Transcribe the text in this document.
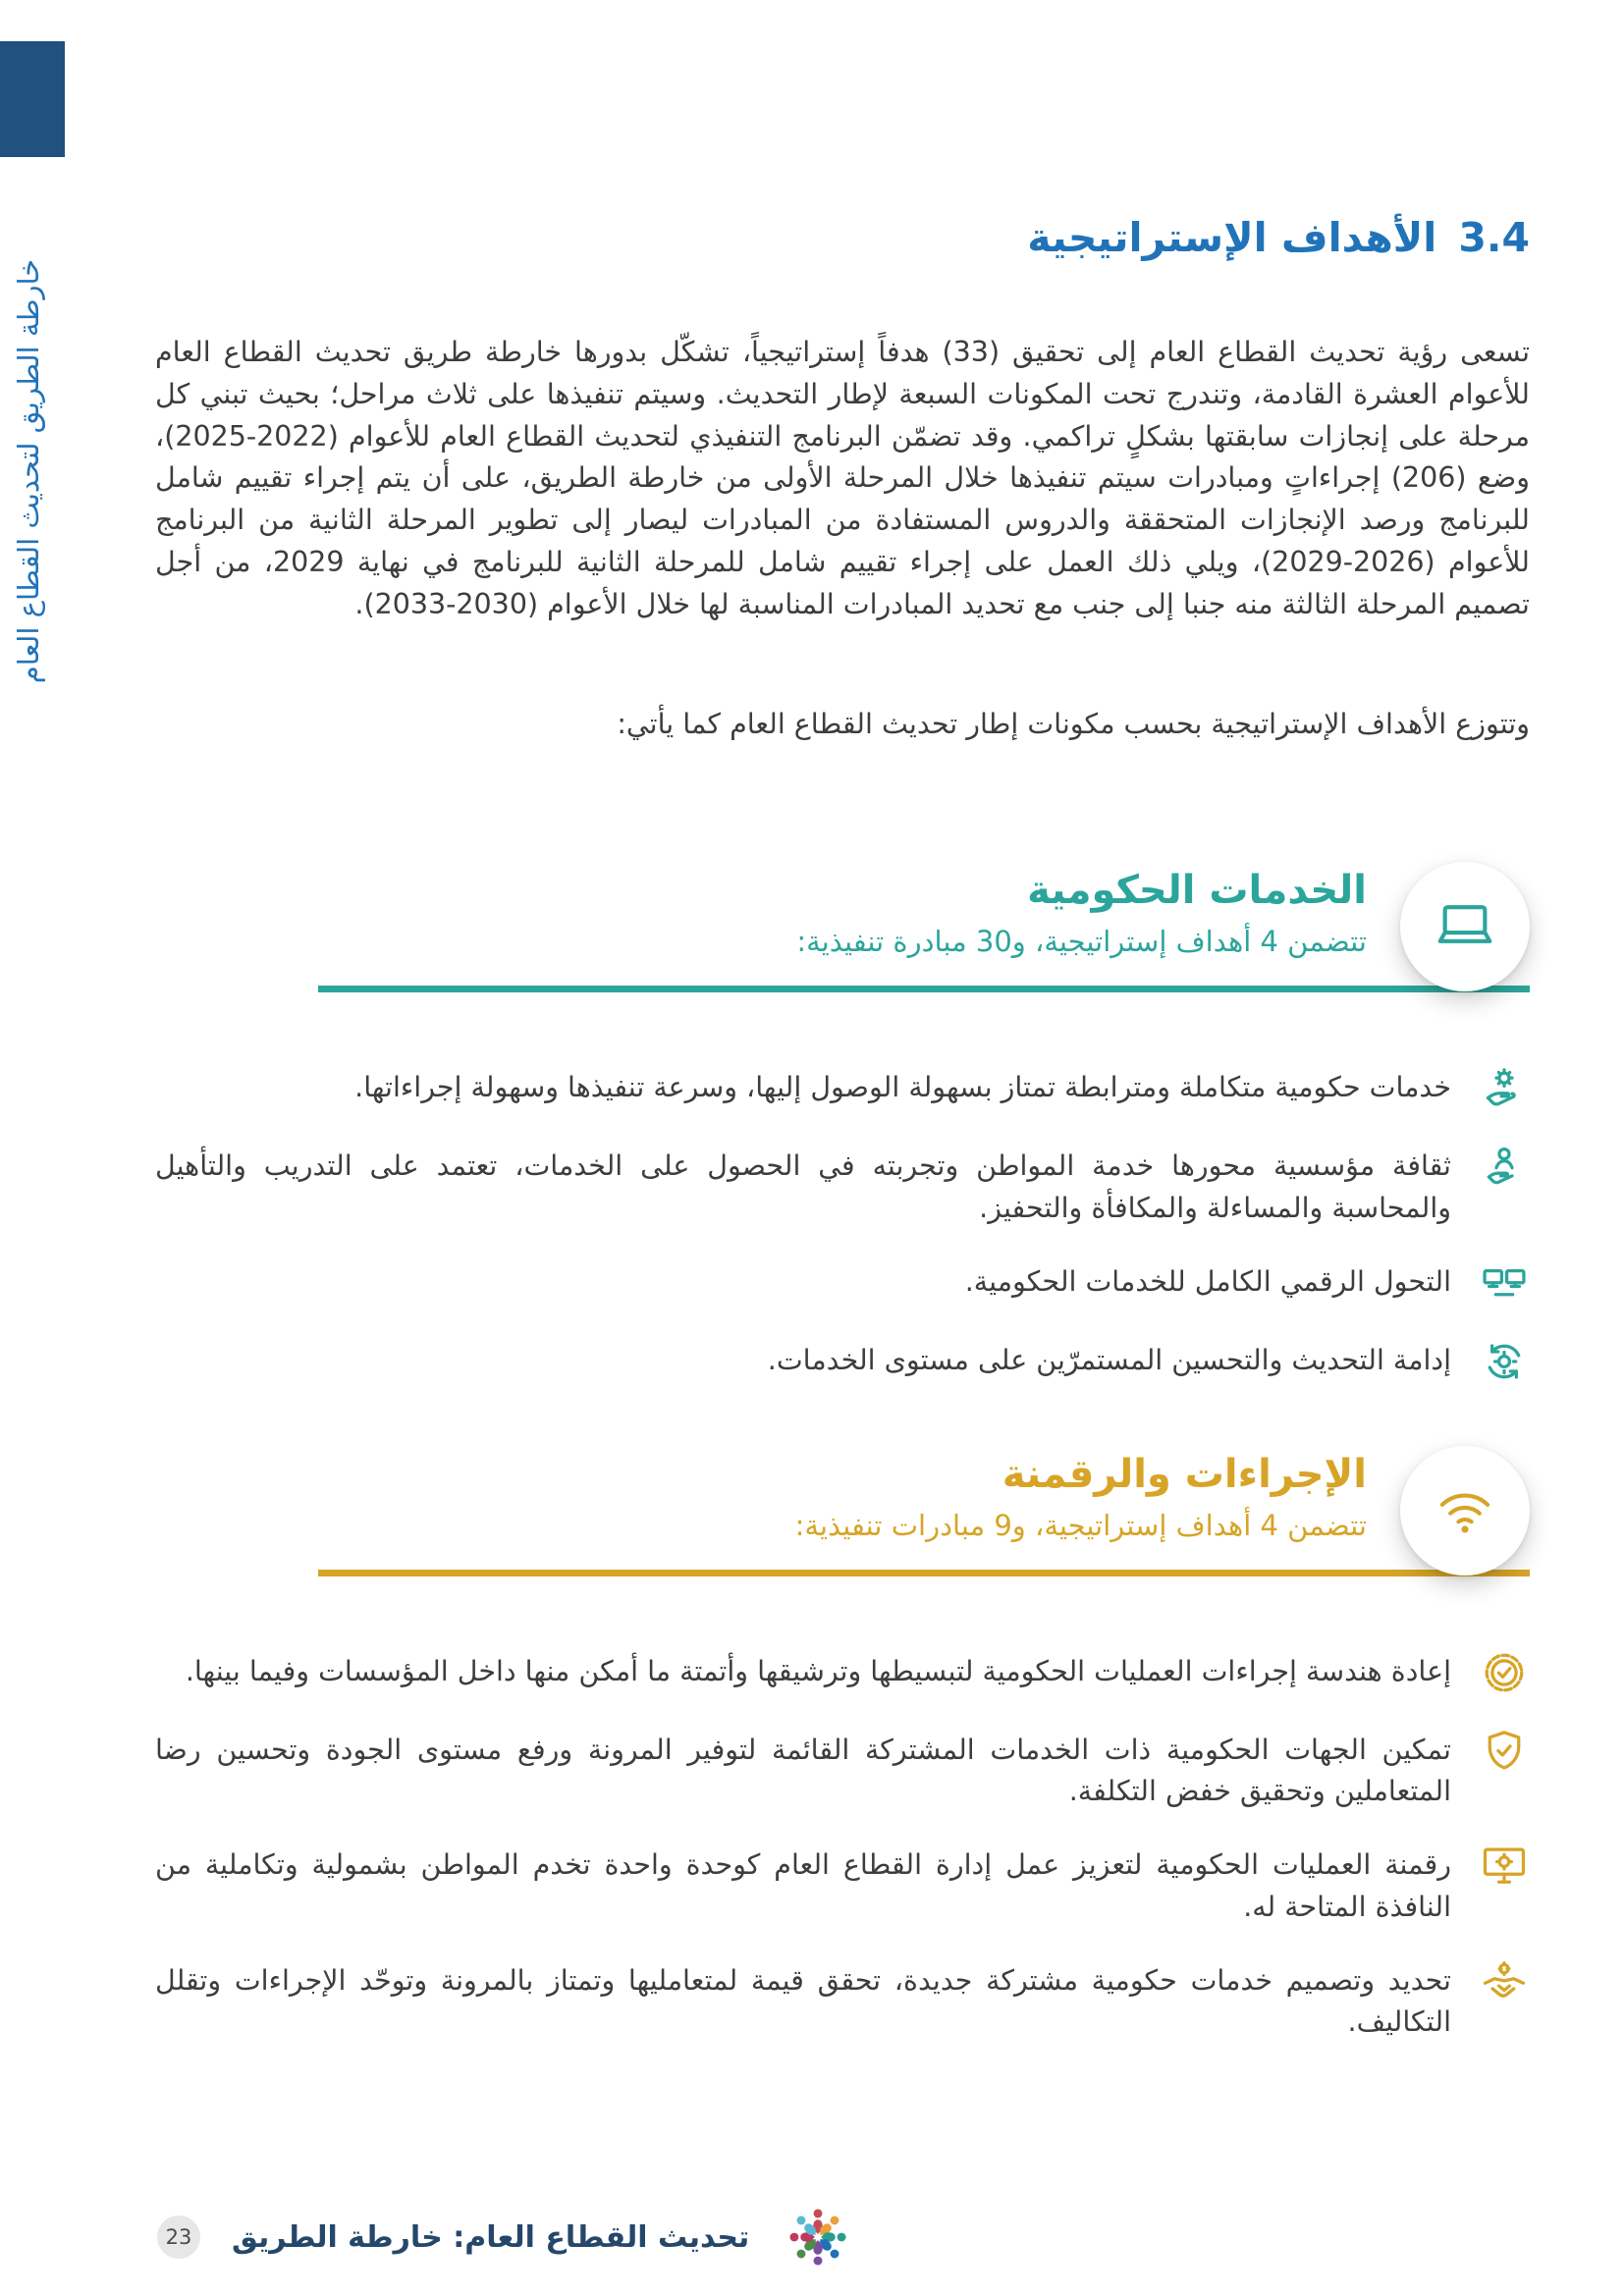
خارطة الطريق لتحديث القطاع العام
3.4
الأهداف الإستراتيجية

تسعى رؤية تحديث القطاع العام إلى تحقيق (33) هدفاً إستراتيجياً، تشكّل بدورها خارطة طريق تحديث القطاع العام للأعوام العشرة القادمة، وتندرج تحت المكونات السبعة لإطار التحديث. وسيتم تنفيذها على ثلاث مراحل؛ بحيث تبني كل مرحلة على إنجازات سابقتها بشكلٍ تراكمي. وقد تضمّن البرنامج التنفيذي لتحديث القطاع العام للأعوام (2022‏-‏2025)، وضع (206) إجراءاتٍ ومبادرات سيتم تنفيذها خلال المرحلة الأولى من خارطة الطريق، على أن يتم إجراء تقييم شامل للبرنامج ورصد الإنجازات المتحققة والدروس المستفادة من المبادرات ليصار إلى تطوير المرحلة الثانية من البرنامج للأعوام (2026‏-‏2029)، ويلي ذلك العمل على إجراء تقييم شامل للمرحلة الثانية للبرنامج في نهاية 2029، من أجل تصميم المرحلة الثالثة منه جنبا إلى جنب مع تحديد المبادرات المناسبة لها خلال الأعوام (2030‏-‏2033).

وتتوزع الأهداف الإستراتيجية بحسب مكونات إطار تحديث القطاع العام كما يأتي:

الخدمات الحكومية
تتضمن 4 أهداف إستراتيجية، و30 مبادرة تنفيذية:
خدمات حكومية متكاملة ومترابطة تمتاز بسهولة الوصول إليها، وسرعة تنفيذها وسهولة إجراءاتها.
ثقافة مؤسسية محورها خدمة المواطن وتجربته في الحصول على الخدمات، تعتمد على التدريب والتأهيل والمحاسبة والمساءلة والمكافأة والتحفيز.
التحول الرقمي الكامل للخدمات الحكومية.
إدامة التحديث والتحسين المستمرّين على مستوى الخدمات.
الإجراءات والرقمنة
تتضمن 4 أهداف إستراتيجية، و9 مبادرات تنفيذية:
إعادة هندسة إجراءات العمليات الحكومية لتبسيطها وترشيقها وأتمتة ما أمكن منها داخل المؤسسات وفيما بينها.
تمكين الجهات الحكومية ذات الخدمات المشتركة القائمة لتوفير المرونة ورفع مستوى الجودة وتحسين رضا المتعاملين وتحقيق خفض التكلفة.
رقمنة العمليات الحكومية لتعزيز عمل إدارة القطاع العام كوحدة واحدة تخدم المواطن بشمولية وتكاملية من النافذة المتاحة له.
تحديد وتصميم خدمات حكومية مشتركة جديدة، تحقق قيمة لمتعامليها وتمتاز بالمرونة وتوحّد الإجراءات وتقلل التكاليف.
23 تحديث القطاع العام: خارطة الطريق
